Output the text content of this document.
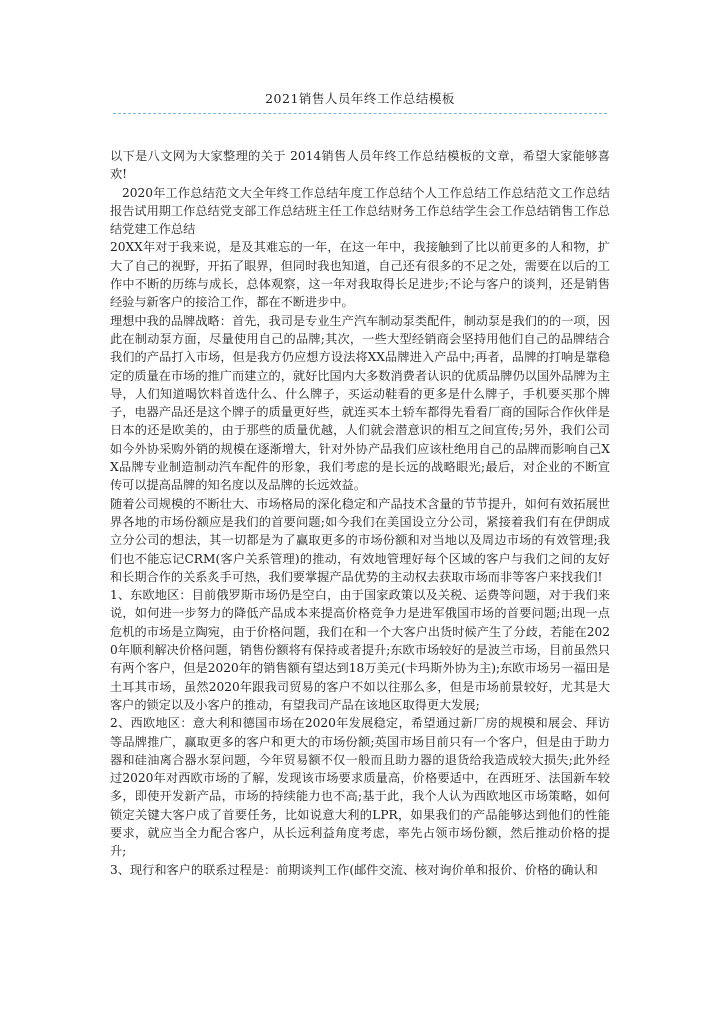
2021销售人员年终工作总结模板

以下是八文网为大家整理的关于 2014销售人员年终工作总结模板的文章，希望大家能够喜欢!

2020年工作总结范文大全年终工作总结年度工作总结个人工作总结工作总结范文工作总结报告试用期工作总结党支部工作总结班主任工作总结财务工作总结学生会工作总结销售工作总结党建工作总结

20XX年对于我来说，是及其难忘的一年，在这一年中，我接触到了比以前更多的人和物，扩大了自己的视野，开拓了眼界，但同时我也知道，自己还有很多的不足之处，需要在以后的工作中不断的历练与成长，总体观察，这一年对我取得长足进步;不论与客户的谈判，还是销售经验与新客户的接洽工作，都在不断进步中。

理想中我的品牌战略：首先，我司是专业生产汽车制动泵类配件，制动泵是我们的的一项，因此在制动泵方面，尽量使用自己的品牌;其次，一些大型经销商会坚持用他们自己的品牌结合我们的产品打入市场，但是我方仍应想方设法将XX品牌进入产品中;再者，品牌的打响是靠稳定的质量在市场的推广而建立的，就好比国内大多数消费者认识的优质品牌仍以国外品牌为主导，人们知道喝饮料首选什么、什么牌子，买运动鞋看的更多是什么牌子，手机要买那个牌子，电器产品还是这个牌子的质量更好些，就连买本土轿车都得先看看厂商的国际合作伙伴是日本的还是欧美的，由于那些的质量优越，人们就会潜意识的相互之间宣传;另外，我们公司如今外协采购外销的规模在逐渐增大，针对外协产品我们应该杜绝用自己的品牌而影响自己XX品牌专业制造制动汽车配件的形象，我们考虑的是长远的战略眼光;最后，对企业的不断宣传可以提高品牌的知名度以及品牌的长远效益。

随着公司规模的不断壮大、市场格局的深化稳定和产品技术含量的节节提升，如何有效拓展世界各地的市场份额应是我们的首要问题;如今我们在美国设立分公司，紧接着我们有在伊朗成立分公司的想法，其一切都是为了赢取更多的市场份额和对当地以及周边市场的有效管理;我们也不能忘记CRM(客户关系管理)的推动，有效地管理好每个区域的客户与我们之间的友好和长期合作的关系炙手可热，我们要掌握产品优势的主动权去获取市场而非等客户来找我们!

1、东欧地区：目前俄罗斯市场仍是空白，由于国家政策以及关税、运费等问题，对于我们来说，如何进一步努力的降低产品成本来提高价格竞争力是进军俄国市场的首要问题;出现一点危机的市场是立陶宛，由于价格问题，我们在和一个大客户出货时候产生了分歧，若能在2020年顺利解决价格问题，销售份额将有保持或者提升;东欧市场较好的是波兰市场，目前虽然只有两个客户，但是2020年的销售额有望达到18万美元(卡玛斯外协为主);东欧市场另一福田是土耳其市场，虽然2020年跟我司贸易的客户不如以往那么多，但是市场前景较好，尤其是大客户的锁定以及小客户的推动，有望我司产品在该地区取得更大发展;

2、西欧地区：意大利和德国市场在2020年发展稳定，希望通过新厂房的规模和展会、拜访等品牌推广，赢取更多的客户和更大的市场份额;英国市场目前只有一个客户，但是由于助力器和硅油离合器水泵问题，今年贸易额不仅一般而且助力器的退货给我造成较大损失;此外经过2020年对西欧市场的了解，发现该市场要求质量高，价格要适中，在西班牙、法国新车较多，即使开发新产品，市场的持续能力也不高;基于此，我个人认为西欧地区市场策略，如何锁定关键大客户成了首要任务，比如说意大利的LPR，如果我们的产品能够达到他们的性能要求，就应当全力配合客户，从长远利益角度考虑，率先占领市场份额，然后推动价格的提升;

3、现行和客户的联系过程是：前期谈判工作(邮件交流、核对询价单和报价、价格的确认和
